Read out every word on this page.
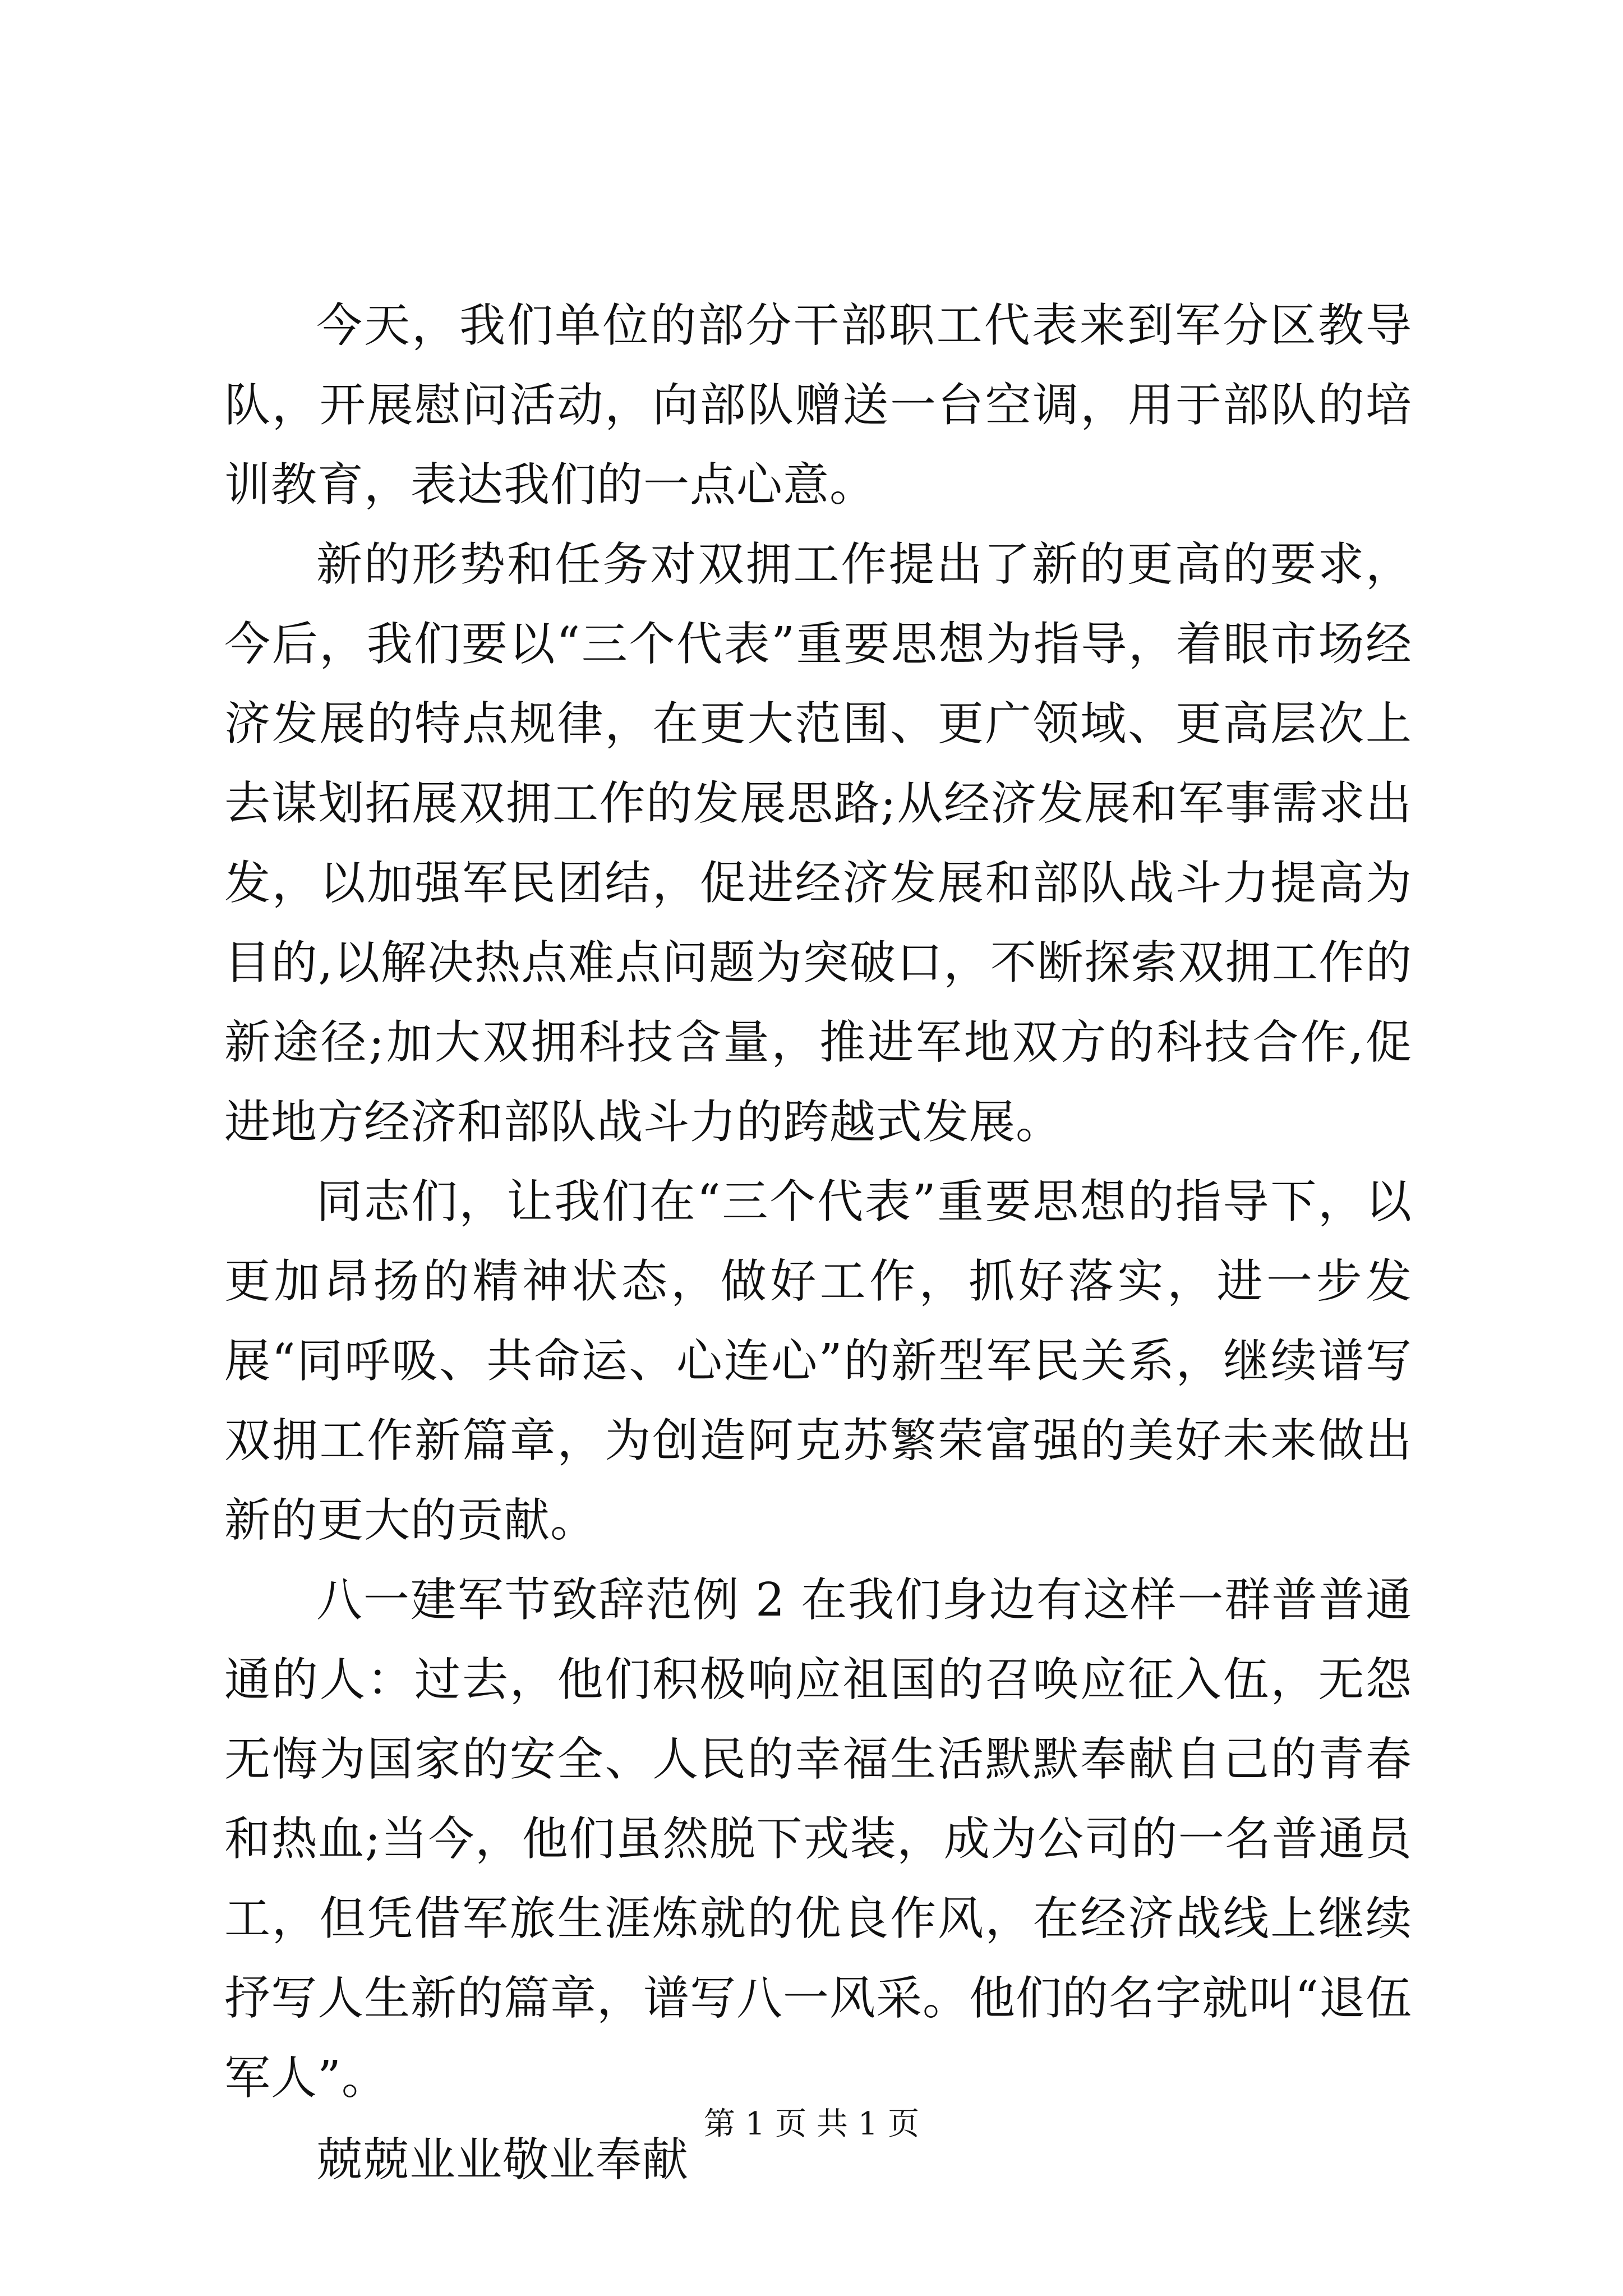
今天，我们单位的部分干部职工代表来到军分区教导队，开展慰问活动，向部队赠送一台空调，用于部队的培训教育，表达我们的一点心意。

新的形势和任务对双拥工作提出了新的更高的要求，今后，我们要以“三个代表”重要思想为指导，着眼市场经济发展的特点规律，在更大范围、更广领域、更高层次上去谋划拓展双拥工作的发展思路;从经济发展和军事需求出发，以加强军民团结，促进经济发展和部队战斗力提高为目的,以解决热点难点问题为突破口，不断探索双拥工作的新途径;加大双拥科技含量，推进军地双方的科技合作,促进地方经济和部队战斗力的跨越式发展。

同志们，让我们在“三个代表”重要思想的指导下，以更加昂扬的精神状态，做好工作，抓好落实，进一步发展“同呼吸、共命运、心连心”的新型军民关系，继续谱写双拥工作新篇章，为创造阿克苏繁荣富强的美好未来做出新的更大的贡献。

八一建军节致辞范例 2 在我们身边有这样一群普普通通的人：过去，他们积极响应祖国的召唤应征入伍，无怨无悔为国家的安全、人民的幸福生活默默奉献自己的青春和热血;当今，他们虽然脱下戎装，成为公司的一名普通员工，但凭借军旅生涯炼就的优良作风，在经济战线上继续抒写人生新的篇章，谱写八一风采。他们的名字就叫“退伍军人”。

兢兢业业敬业奉献

第 1 页 共 1 页
